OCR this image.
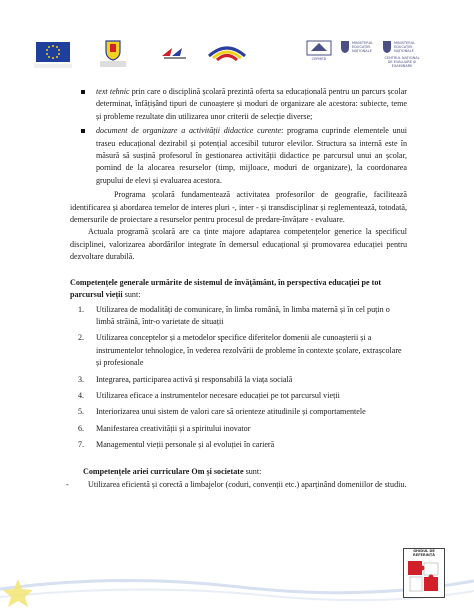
CEPMED
MINISTERUL EDUCAȚIEI NAȚIONALE
MINISTERUL EDUCAȚIEI NAȚIONALE
CENTRUL NAȚIONAL DE EVALUARE ȘI EXAMINARE
text tehnic prin care o disciplină școlară prezintă oferta sa educațională pentru un parcurs școlar determinat, înfățișând tipuri de cunoaștere și moduri de organizare ale acestora: subiecte, teme și probleme rezultate din utilizarea unor criterii de selecție diverse;
document de organizare a activității didactice curente: programa cuprinde elementele unui traseu educațional dezirabil și potențial accesibil tuturor elevilor. Structura sa internă este în măsură să susțină profesorul în gestionarea activității didactice pe parcursul unui an școlar, pornind de la alocarea resurselor (timp, mijloace, moduri de organizare), la coordonarea grupului de elevi și evaluarea acestora.

Programa școlară fundamentează activitatea profesorilor de geografie, facilitează identificarea și abordarea temelor de interes pluri -, inter - și transdisciplinar și reglementează, totodată, demersurile de proiectare a resurselor pentru procesul de predare-învățare - evaluare.

Actuala programă școlară are ca ținte majore adaptarea competențelor generice la specificul disciplinei, valorizarea abordărilor integrate în demersul educațional și promovarea educației pentru dezvoltare durabilă.

Competențele generale urmărite de sistemul de învățământ, în perspectiva educației pe tot parcursul vieții sunt:
1. Utilizarea de modalități de comunicare, în limba română, în limba maternă și în cel puțin o limbă străină, într-o varietate de situații
2. Utilizarea conceptelor și a metodelor specifice diferitelor domenii ale cunoașterii și a instrumentelor tehnologice, în vederea rezolvării de probleme în contexte școlare, extrașcolare și profesionale
3. Integrarea, participarea activă și responsabilă la viața socială
4. Utilizarea eficace a instrumentelor necesare educației pe tot parcursul vieții
5. Interiorizarea unui sistem de valori care să orienteze atitudinile și comportamentele
6. Manifestarea creativității și a spiritului inovator
7. Managementul vieții personale și al evoluției în carieră
Competențele ariei curriculare Om și societate sunt:
- Utilizarea eficientă și corectă a limbajelor (coduri, convenții etc.) aparținând domeniilor de studiu.
GHIDUL DE REFERINȚĂ
